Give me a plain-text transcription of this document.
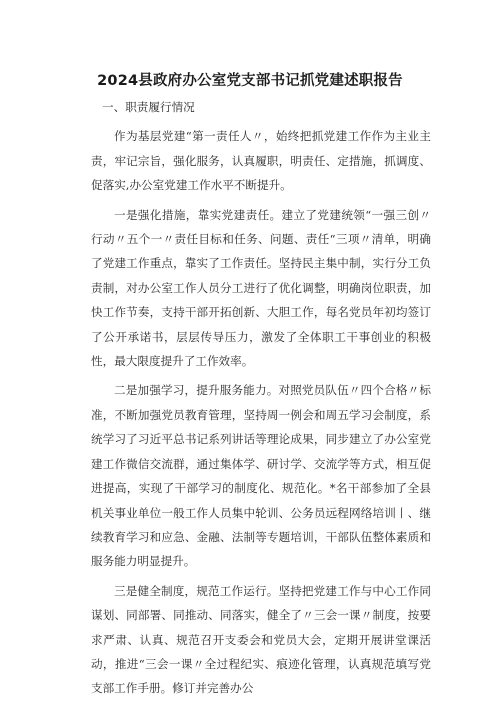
2024县政府办公室党支部书记抓党建述职报告

一、职责履行情况

作为基层党建“第一责任人〃，始终把抓党建工作作为主业主责，牢记宗旨，强化服务，认真履职，明责任、定措施，抓调度、促落实,办公室党建工作水平不断提升。

一是强化措施，靠实党建责任。建立了党建统领“一强三创〃行动〃五个一〃责任目标和任务、问题、责任“三项〃清单，明确了党建工作重点，靠实了工作责任。坚持民主集中制，实行分工负责制，对办公室工作人员分工进行了优化调整，明确岗位职责，加快工作节奏，支持干部开拓创新、大胆工作，每名党员年初均签订了公开承诺书，层层传导压力，激发了全体职工干事创业的积极性，最大限度提升了工作效率。

二是加强学习，提升服务能力。对照党员队伍〃四个合格〃标准，不断加强党员教育管理，坚持周一例会和周五学习会制度，系统学习了习近平总书记系列讲话等理论成果，同步建立了办公室党建工作微信交流群，通过集体学、研讨学、交流学等方式，相互促进提高，实现了干部学习的制度化、规范化。*名干部参加了全县机关事业单位一般工作人员集中轮训、公务员远程网络培训丨、继续教育学习和应急、金融、法制等专题培训，干部队伍整体素质和服务能力明显提升。

三是健全制度，规范工作运行。坚持把党建工作与中心工作同谋划、同部署、同推动、同落实，健全了〃三会一课〃制度，按要求严肃、认真、规范召开支委会和党员大会，定期开展讲堂课活动，推进“三会一课〃全过程纪实、痕迹化管理，认真规范填写党支部工作手册。修订并完善办公
